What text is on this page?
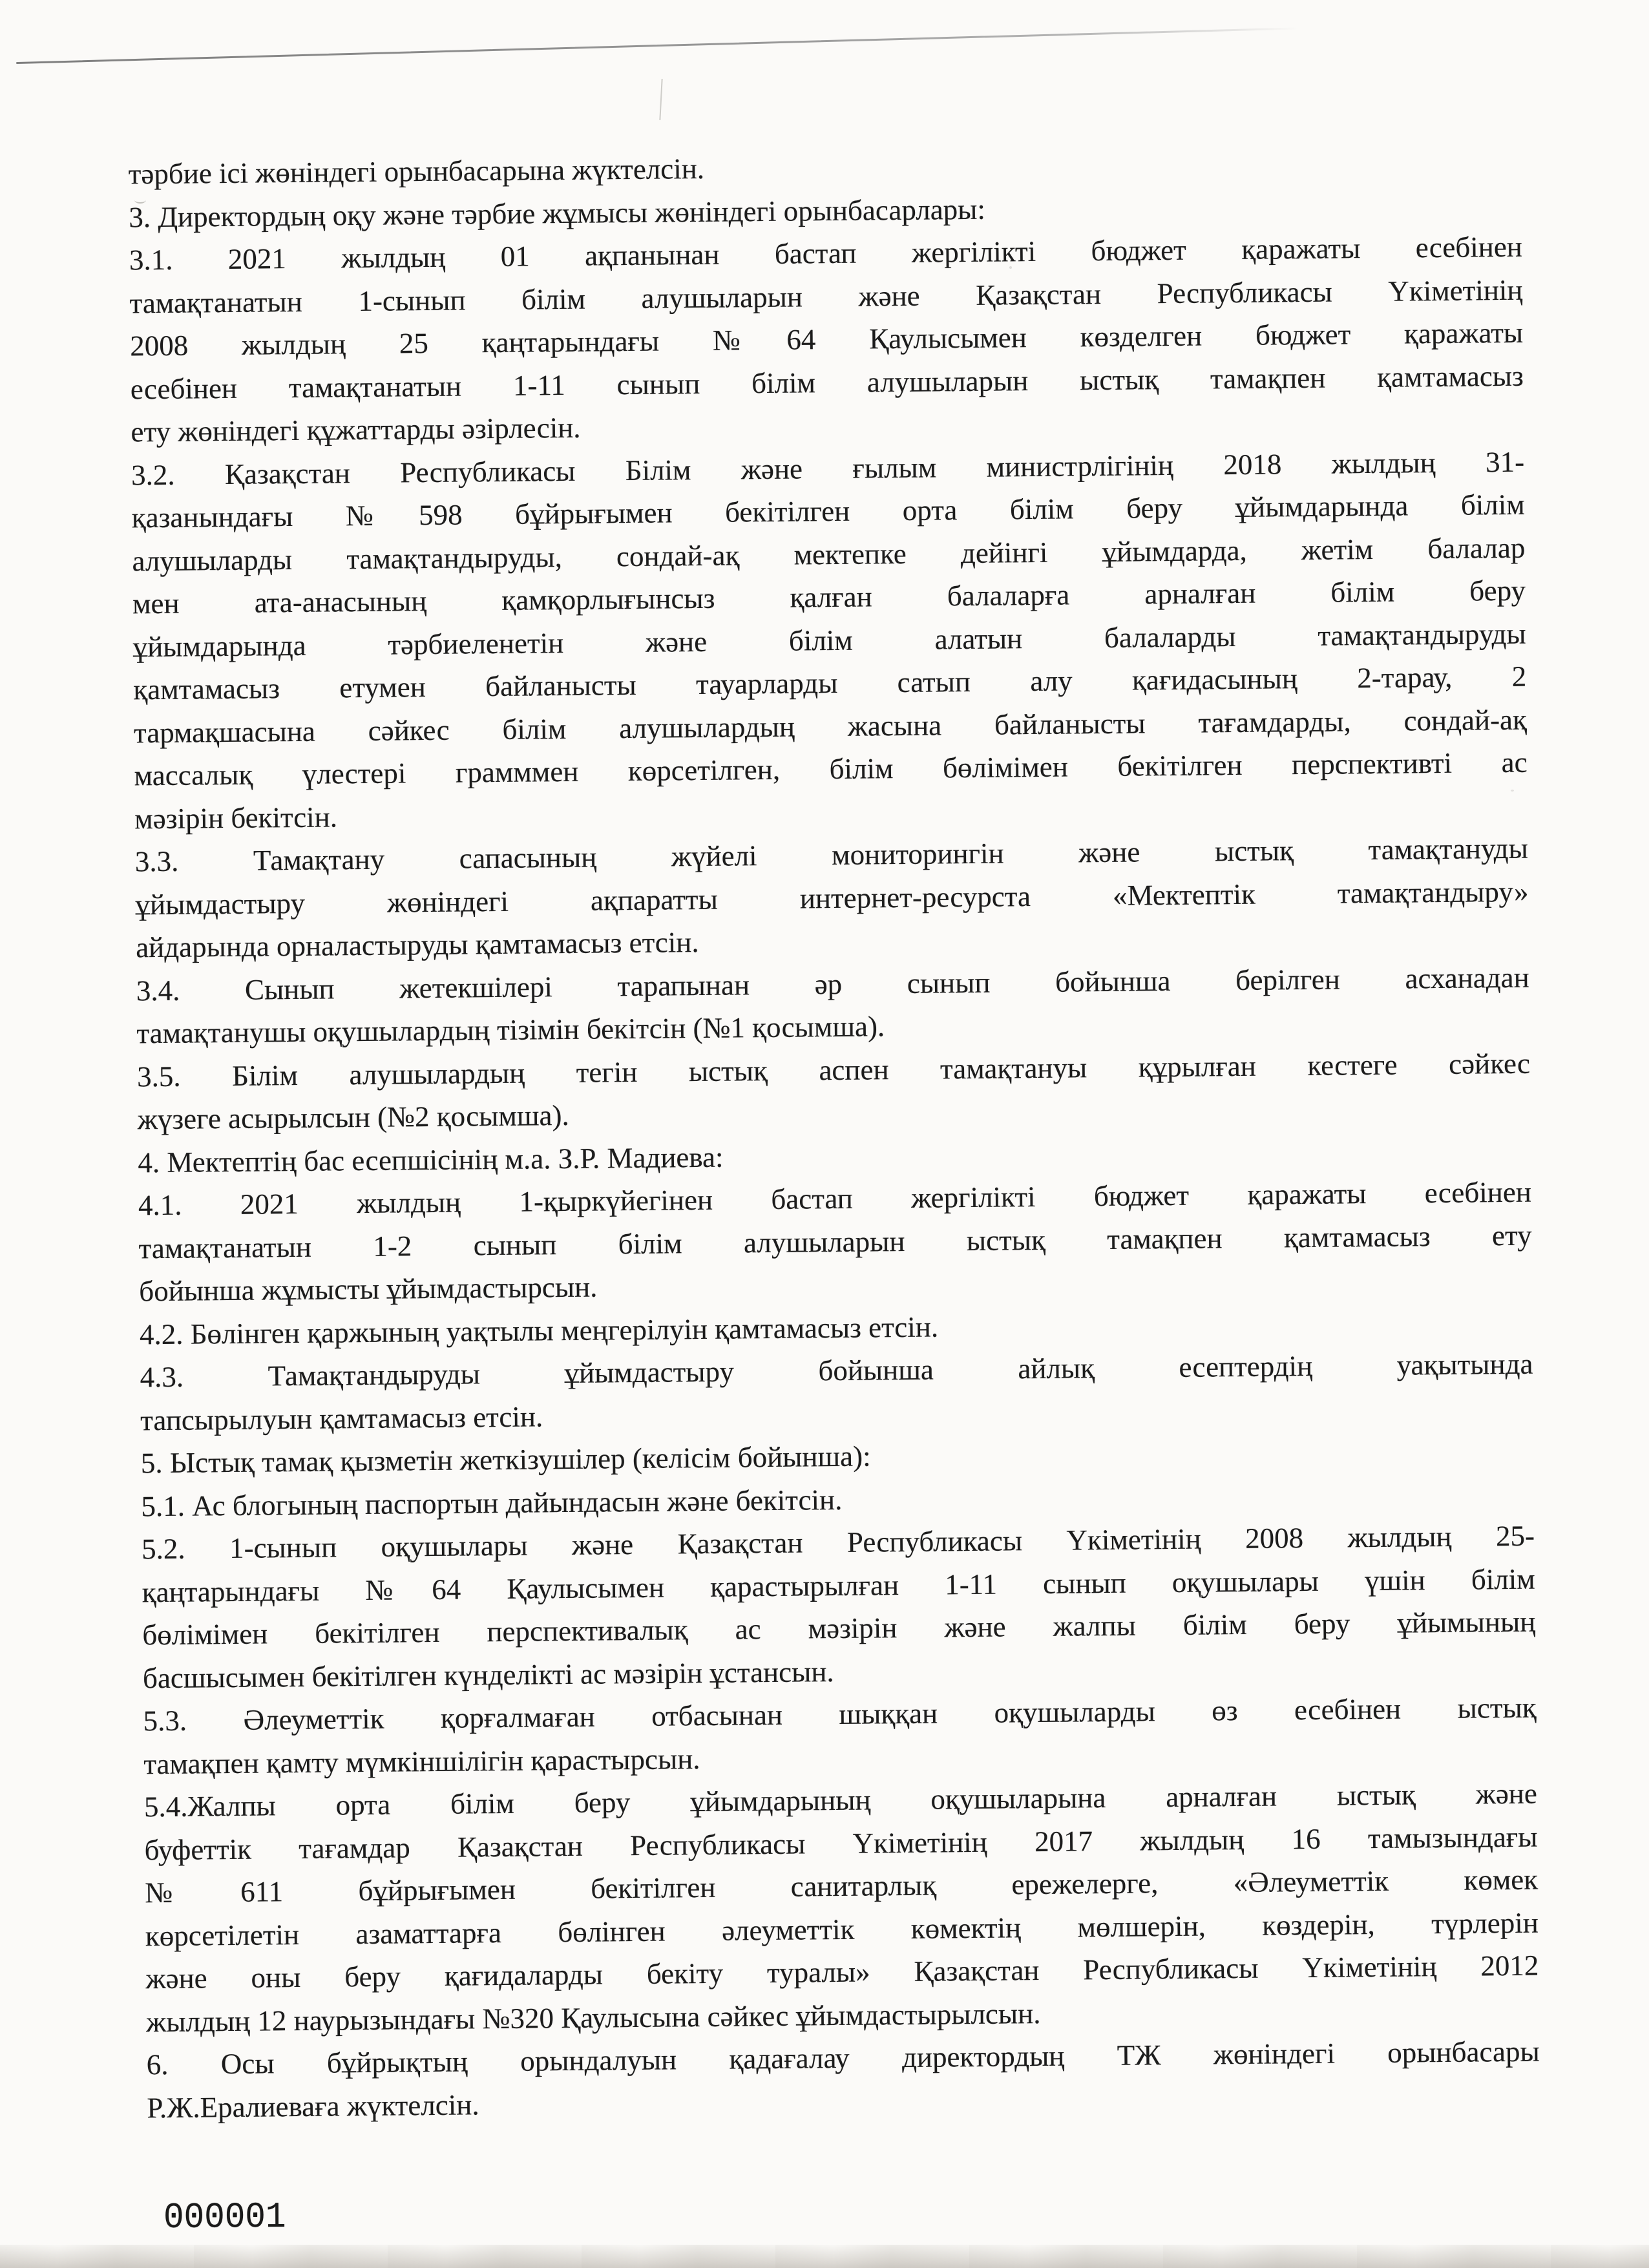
тәрбие ісі жөніндегі орынбасарына жүктелсін.
3. Директордың оқу және тәрбие жұмысы жөніндегі орынбасарлары:
3.1. 2021 жылдың 01 ақпанынан бастап жергілікті бюджет қаражаты есебінен
тамақтанатын 1-сынып білім алушыларын және Қазақстан Республикасы Үкіметінің
2008 жылдың 25 қаңтарындағы №64 Қаулысымен көзделген бюджет қаражаты
есебінен тамақтанатын 1-11 сынып білім алушыларын ыстық тамақпен қамтамасыз
ету жөніндегі құжаттарды әзірлесін.
3.2. Қазақстан Республикасы Білім және ғылым министрлігінің 2018 жылдың 31-
қазанындағы №598 бұйрығымен бекітілген орта білім беру ұйымдарында білім
алушыларды тамақтандыруды, сондай-ақ мектепке дейінгі ұйымдарда, жетім балалар
мен ата-анасының қамқорлығынсыз қалған балаларға арналған білім беру
ұйымдарында тәрбиеленетін және білім алатын балаларды тамақтандыруды
қамтамасыз етумен байланысты тауарларды сатып алу қағидасының 2-тарау, 2
тармақшасына сәйкес білім алушылардың жасына байланысты тағамдарды, сондай-ақ
массалық үлестері грамммен көрсетілген, білім бөлімімен бекітілген перспективті ас
мәзірін бекітсін.
3.3. Тамақтану сапасының жүйелі мониторингін және ыстық тамақтануды
ұйымдастыру жөніндегі ақпаратты интернет-ресурста «Мектептік тамақтандыру»
айдарында орналастыруды қамтамасыз етсін.
3.4. Сынып жетекшілері тарапынан әр сынып бойынша берілген асханадан
тамақтанушы оқушылардың тізімін бекітсін (№1 қосымша).
3.5. Білім алушылардың тегін ыстық аспен тамақтануы құрылған кестеге сәйкес
жүзеге асырылсын (№2 қосымша).
4. Мектептің бас есепшісінің м.а. З.Р. Мадиева:
4.1. 2021 жылдың 1-қыркүйегінен бастап жергілікті бюджет қаражаты есебінен
тамақтанатын 1-2 сынып білім алушыларын ыстық тамақпен қамтамасыз ету
бойынша жұмысты ұйымдастырсын.
4.2. Бөлінген қаржының уақтылы меңгерілуін қамтамасыз етсін.
4.3. Тамақтандыруды ұйымдастыру бойынша айлық есептердің уақытында
тапсырылуын қамтамасыз етсін.
5. Ыстық тамақ қызметін жеткізушілер (келісім бойынша):
5.1. Ас блогының паспортын дайындасын және бекітсін.
5.2. 1-сынып оқушылары және Қазақстан Республикасы Үкіметінің 2008 жылдың 25-
қаңтарындағы №64 Қаулысымен қарастырылған 1-11 сынып оқушылары үшін білім
бөлімімен бекітілген перспективалық ас мәзірін және жалпы білім беру ұйымының
басшысымен бекітілген күнделікті ас мәзірін ұстансын.
5.3. Әлеуметтік қорғалмаған отбасынан шыққан оқушыларды өз есебінен ыстық
тамақпен қамту мүмкіншілігін қарастырсын.
5.4.Жалпы орта білім беру ұйымдарының оқушыларына арналған ыстық және
буфеттік тағамдар Қазақстан Республикасы Үкіметінің 2017 жылдың 16 тамызындағы
№611 бұйрығымен бекітілген санитарлық ережелерге, «Әлеуметтік көмек
көрсетілетін азаматтарға бөлінген әлеуметтік көмектің мөлшерін, көздерін, түрлерін
және оны беру қағидаларды бекіту туралы» Қазақстан Республикасы Үкіметінің 2012
жылдың 12 наурызындағы №320 Қаулысына сәйкес ұйымдастырылсын.
6. Осы бұйрықтың орындалуын қадағалау директордың ТЖ жөніндегі орынбасары
Р.Ж.Ералиеваға жүктелсін.
000001
